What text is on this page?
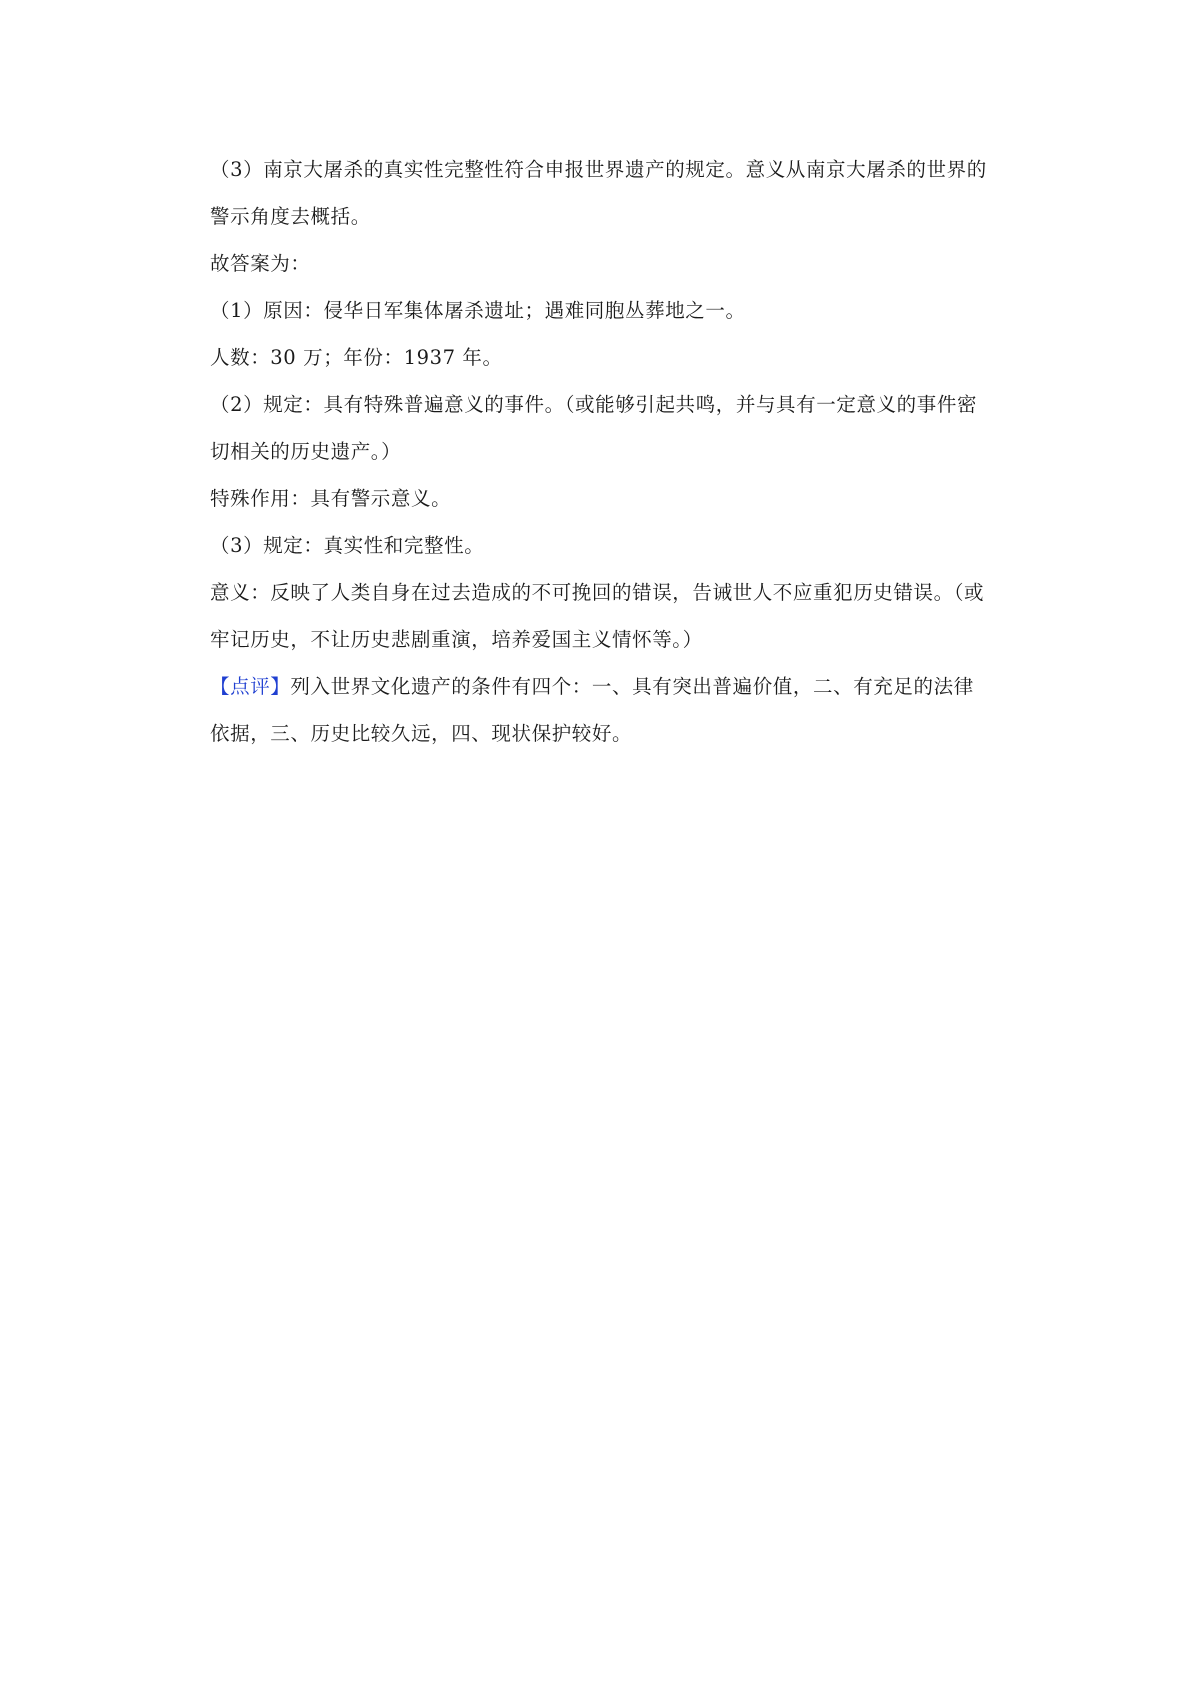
（3）南京大屠杀的真实性完整性符合申报世界遗产的规定。意义从南京大屠杀的世界的
警示角度去概括。
故答案为：
（1）原因：侵华日军集体屠杀遗址；遇难同胞丛葬地之一。
人数：30 万；年份：1937 年。
（2）规定：具有特殊普遍意义的事件。（或能够引起共鸣，并与具有一定意义的事件密
切相关的历史遗产。）
特殊作用：具有警示意义。
（3）规定：真实性和完整性。
意义：反映了人类自身在过去造成的不可挽回的错误，告诫世人不应重犯历史错误。（或
牢记历史，不让历史悲剧重演，培养爱国主义情怀等。）
【点评】列入世界文化遗产的条件有四个：一、具有突出普遍价值，二、有充足的法律
依据，三、历史比较久远，四、现状保护较好。
